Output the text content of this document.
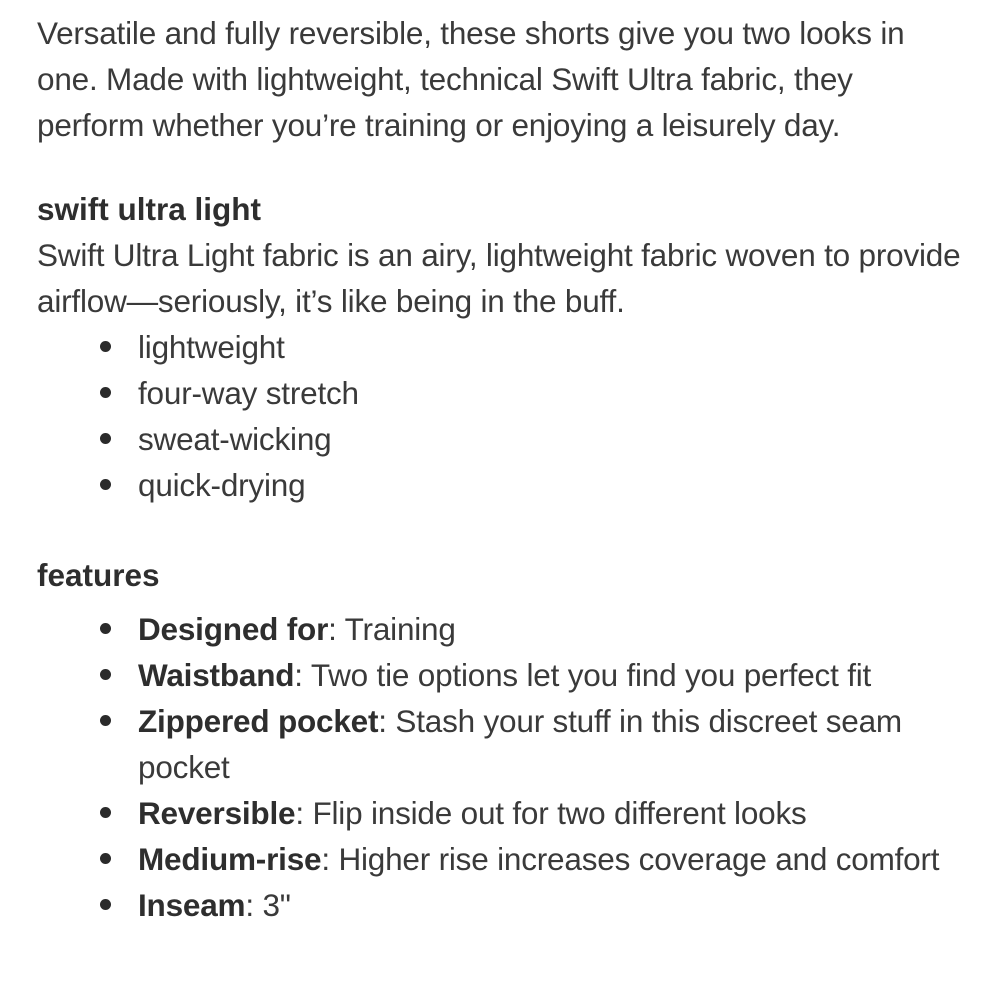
Versatile and fully reversible, these shorts give you two looks in one. Made with lightweight, technical Swift Ultra fabric, they perform whether you’re training or enjoying a leisurely day.

swift ultra light

Swift Ultra Light fabric is an airy, lightweight fabric woven to provide airflow—seriously, it’s like being in the buff.

lightweight
four-way stretch
sweat-wicking
quick-drying
features
Designed for: Training
Waistband: Two tie options let you find you perfect fit
Zippered pocket: Stash your stuff in this discreet seam pocket
Reversible: Flip inside out for two different looks
Medium-rise: Higher rise increases coverage and comfort
Inseam: 3"
